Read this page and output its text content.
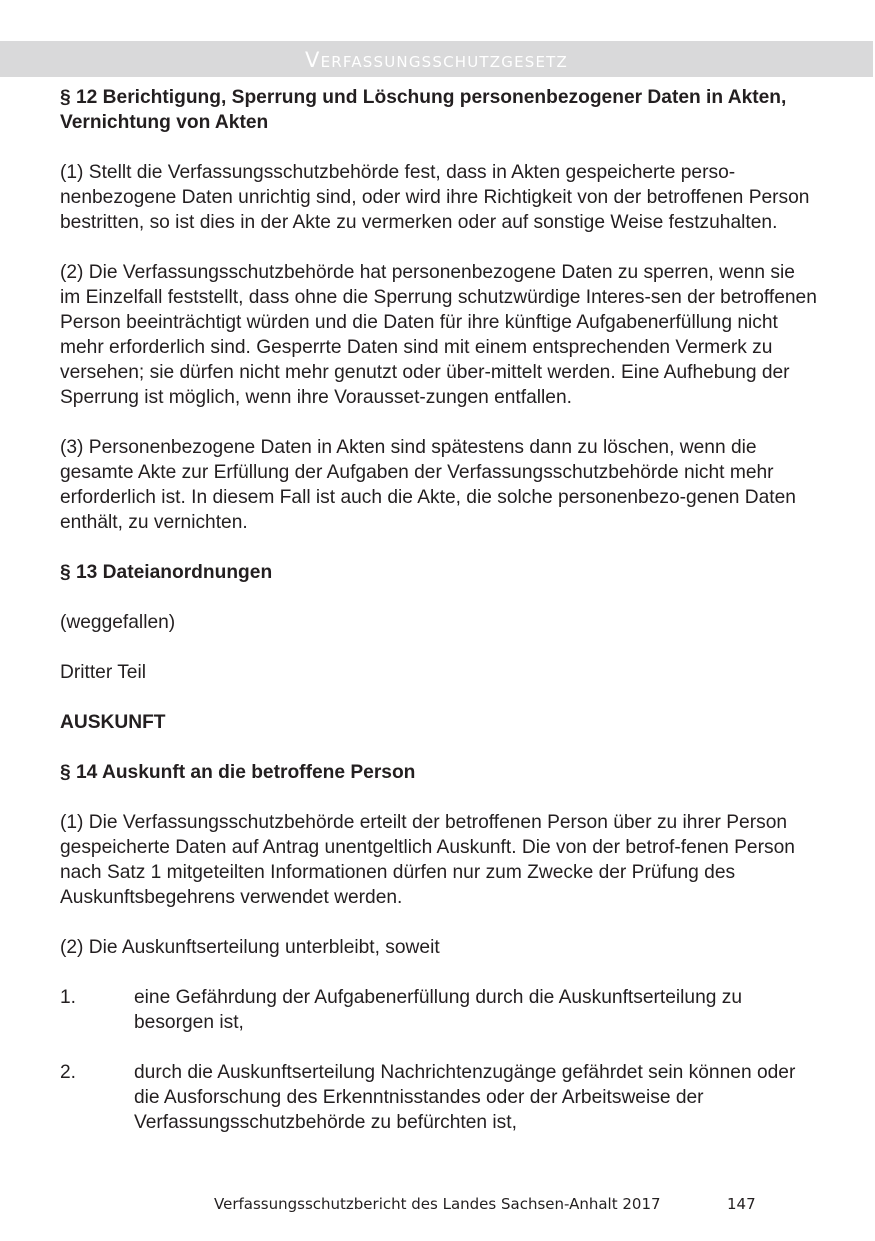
Verfassungsschutzgesetz

§ 12 Berichtigung, Sperrung und Löschung personenbezogener Daten in Akten, Vernichtung von Akten

(1) Stellt die Verfassungsschutzbehörde fest, dass in Akten gespeicherte perso-nenbezogene Daten unrichtig sind, oder wird ihre Richtigkeit von der betroffenen Person bestritten, so ist dies in der Akte zu vermerken oder auf sonstige Weise festzuhalten.

(2) Die Verfassungsschutzbehörde hat personenbezogene Daten zu sperren, wenn sie im Einzelfall feststellt, dass ohne die Sperrung schutzwürdige Interes-sen der betroffenen Person beeinträchtigt würden und die Daten für ihre künftige Aufgabenerfüllung nicht mehr erforderlich sind. Gesperrte Daten sind mit einem entsprechenden Vermerk zu versehen; sie dürfen nicht mehr genutzt oder über-mittelt werden. Eine Aufhebung der Sperrung ist möglich, wenn ihre Vorausset-zungen entfallen.

(3) Personenbezogene Daten in Akten sind spätestens dann zu löschen, wenn die gesamte Akte zur Erfüllung der Aufgaben der Verfassungsschutzbehörde nicht mehr erforderlich ist. In diesem Fall ist auch die Akte, die solche personenbezo-genen Daten enthält, zu vernichten.

§ 13 Dateianordnungen

(weggefallen)

Dritter Teil

AUSKUNFT

§ 14 Auskunft an die betroffene Person

(1) Die Verfassungsschutzbehörde erteilt der betroffenen Person über zu ihrer Person gespeicherte Daten auf Antrag unentgeltlich Auskunft. Die von der betrof-fenen Person nach Satz 1 mitgeteilten Informationen dürfen nur zum Zwecke der Prüfung des Auskunftsbegehrens verwendet werden.

(2) Die Auskunftserteilung unterbleibt, soweit

1.	eine Gefährdung der Aufgabenerfüllung durch die Auskunftserteilung zu besorgen ist,
2.	durch die Auskunftserteilung Nachrichtenzugänge gefährdet sein können oder die Ausforschung des Erkenntnisstandes oder der Arbeitsweise der Verfassungsschutzbehörde zu befürchten ist,
Verfassungsschutzbericht des Landes Sachsen-Anhalt 2017	147
